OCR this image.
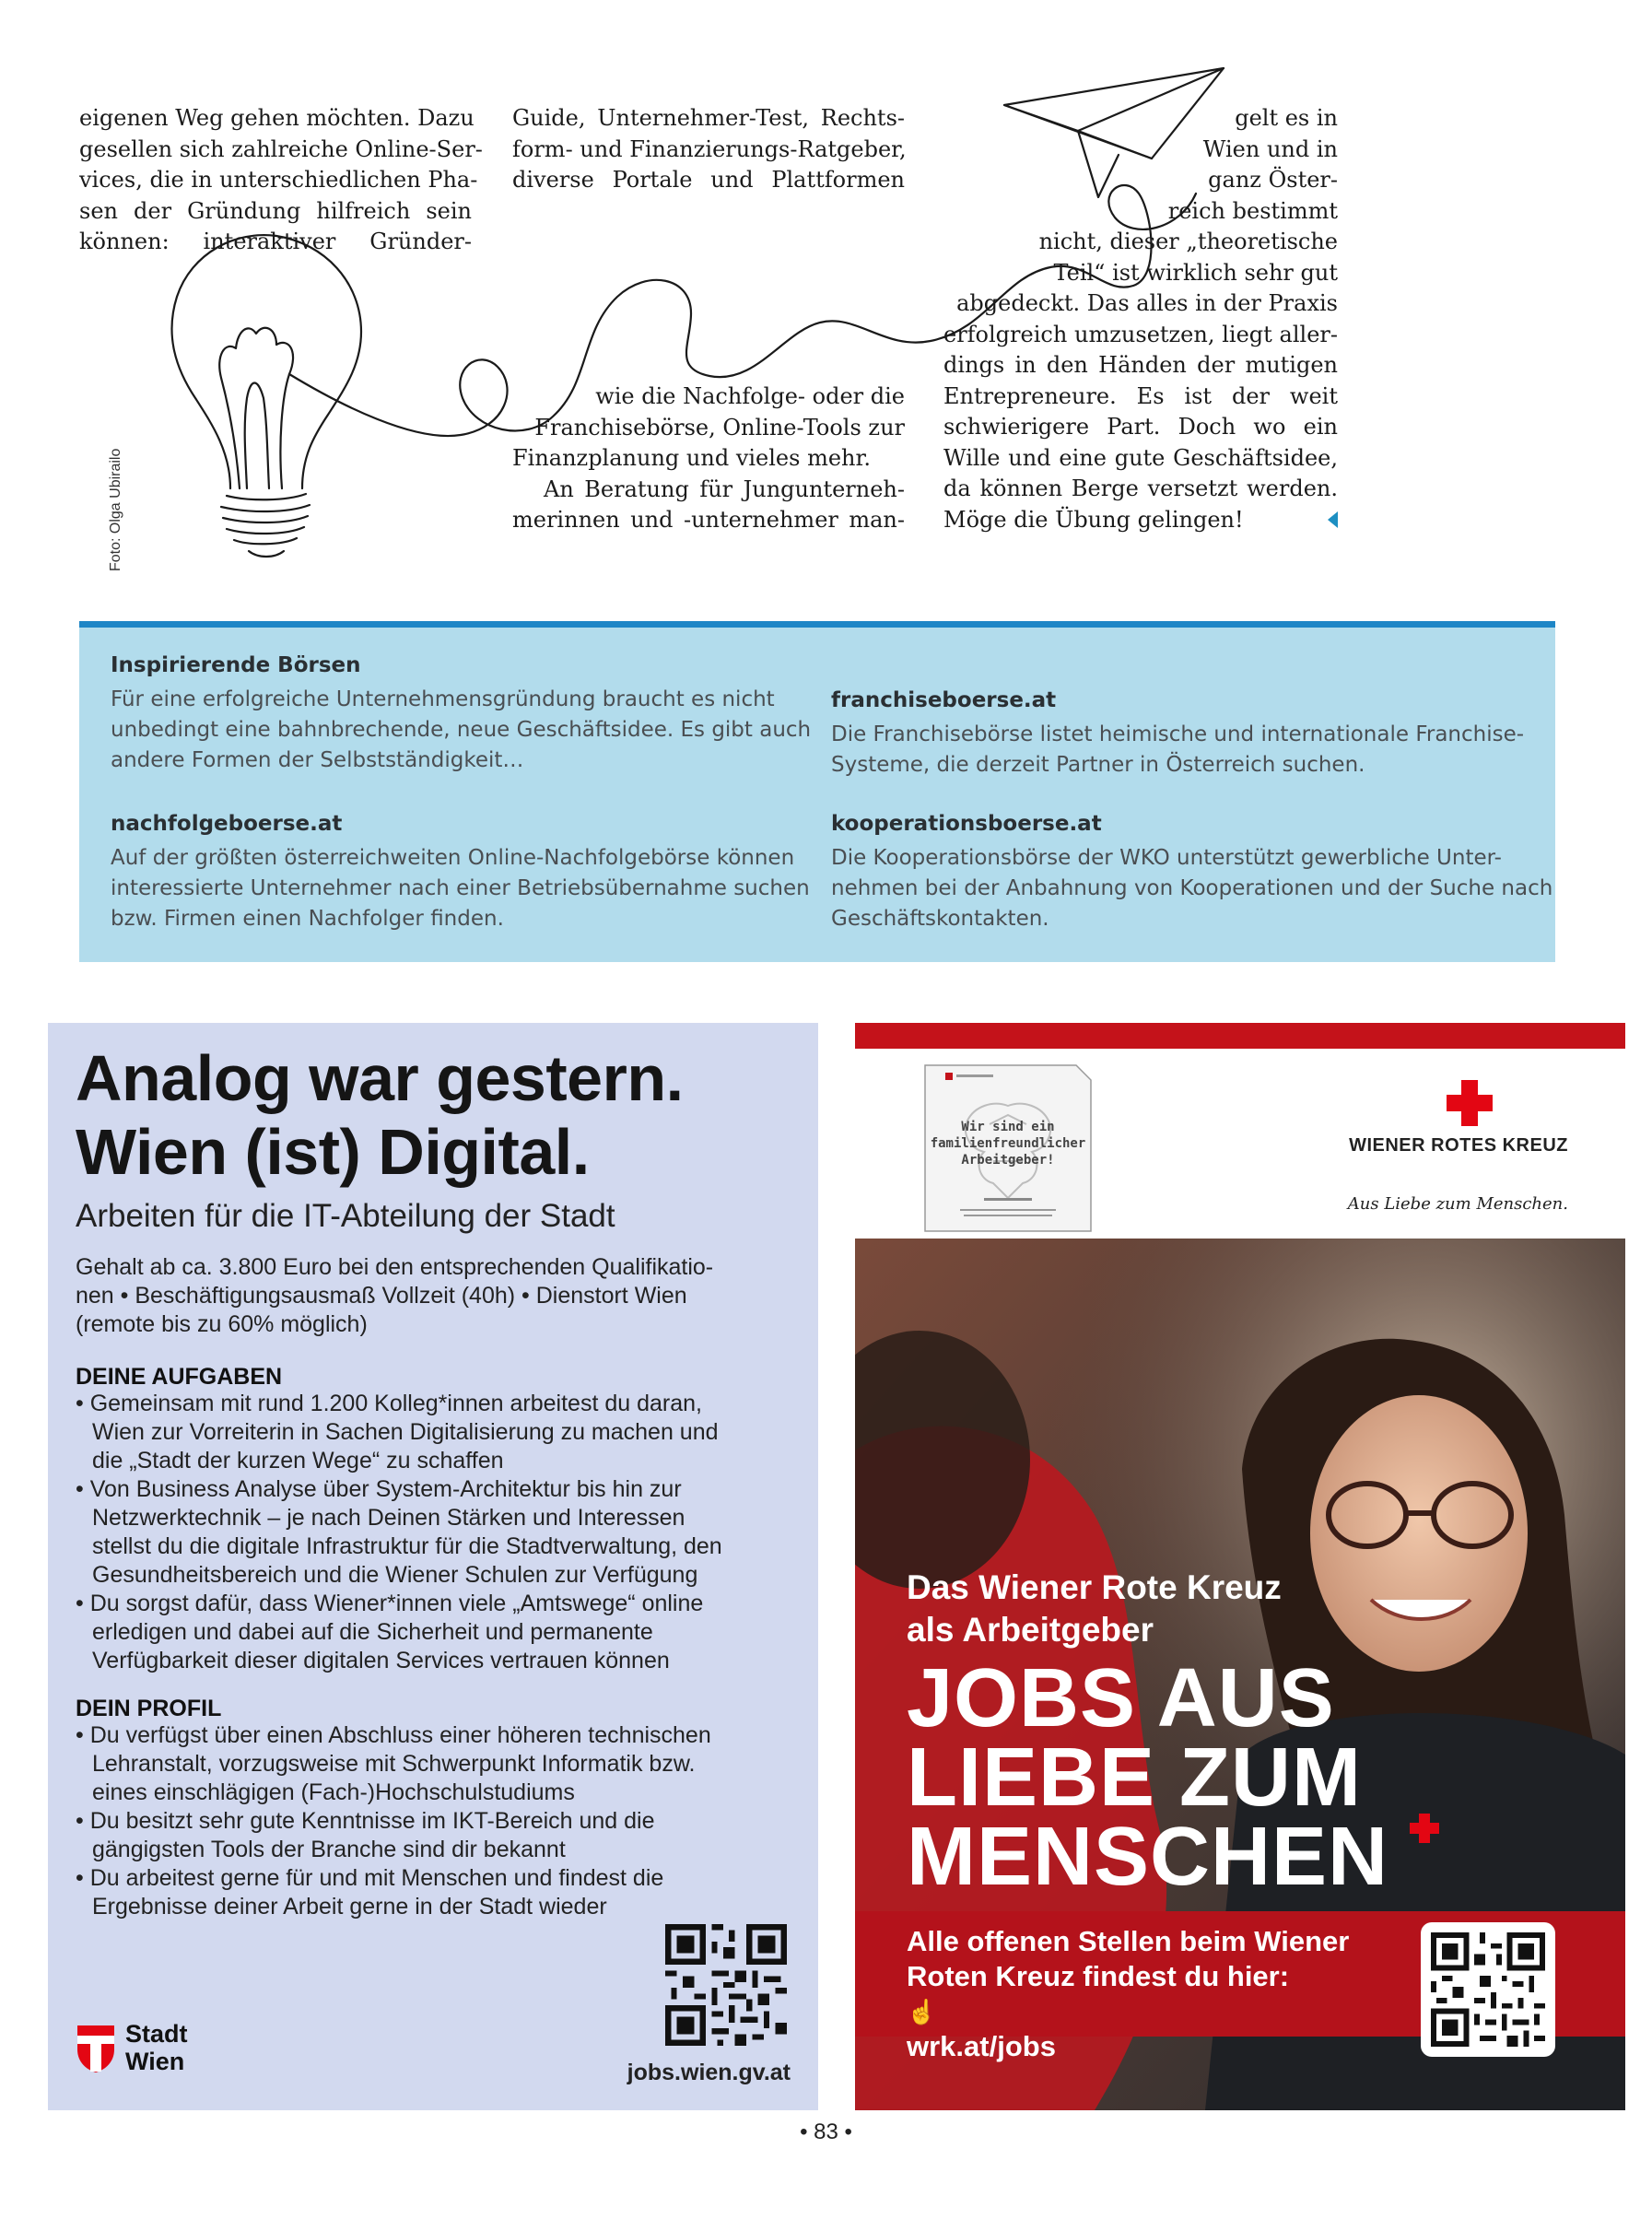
eigenen Weg gehen möchten. Dazu
gesellen sich zahlreiche Online-Ser-
vices, die in unterschiedlichen Pha-
sen der Gründung hilfreich sein
können: interaktiver Gründer-
Guide, Unternehmer-Test, Rechts-
form- und Finanzierungs-Ratgeber,
diverse Portale und Plattformen
wie die Nachfolge- oder die
Franchisebörse, Online-Tools zur
Finanzplanung und vieles mehr.
An Beratung für Jungunterneh-
merinnen und -unternehmer man-
gelt es in
Wien und in
ganz Öster-
reich bestimmt
nicht, dieser „theoretische
Teil“ ist wirklich sehr gut
abgedeckt. Das alles in der Praxis
erfolgreich umzusetzen, liegt aller-
dings in den Händen der mutigen
Entrepreneure. Es ist der weit
schwierigere Part. Doch wo ein
Wille und eine gute Geschäftsidee,
da können Berge versetzt werden.
Möge die Übung gelingen!
Foto: Olga Ubirailo
Inspirierende Börsen
Für eine erfolgreiche Unternehmensgründung braucht es nicht
unbedingt eine bahnbrechende, neue Geschäftsidee. Es gibt auch
andere Formen der Selbstständigkeit…
nachfolgeboerse.at
Auf der größten österreichweiten Online-Nachfolgebörse können
interessierte Unternehmer nach einer Betriebsübernahme suchen
bzw. Firmen einen Nachfolger finden.
franchiseboerse.at
Die Franchisebörse listet heimische und internationale Franchise-
Systeme, die derzeit Partner in Österreich suchen.
kooperationsboerse.at
Die Kooperationsbörse der WKO unterstützt gewerbliche Unter-
nehmen bei der Anbahnung von Kooperationen und der Suche nach
Geschäftskontakten.
Analog war gestern.
Wien (ist) Digital.
Arbeiten für die IT-Abteilung der Stadt
Gehalt ab ca. 3.800 Euro bei den entsprechenden Qualifikatio-
nen • Beschäftigungsausmaß Vollzeit (40h) • Dienstort Wien
(remote bis zu 60% möglich)
DEINE AUFGABEN
• Gemeinsam mit rund 1.200 Kolleg*innen arbeitest du daran,
Wien zur Vorreiterin in Sachen Digitalisierung zu machen und
die „Stadt der kurzen Wege“ zu schaffen
• Von Business Analyse über System-Architektur bis hin zur
Netzwerktechnik – je nach Deinen Stärken und Interessen
stellst du die digitale Infrastruktur für die Stadtverwaltung, den
Gesundheitsbereich und die Wiener Schulen zur Verfügung
• Du sorgst dafür, dass Wiener*innen viele „Amtswege“ online
erledigen und dabei auf die Sicherheit und permanente
Verfügbarkeit dieser digitalen Services vertrauen können
DEIN PROFIL
• Du verfügst über einen Abschluss einer höheren technischen
Lehranstalt, vorzugsweise mit Schwerpunkt Informatik bzw.
eines einschlägigen (Fach-)Hochschulstudiums
• Du besitzt sehr gute Kenntnisse im IKT-Bereich und die
gängigsten Tools der Branche sind dir bekannt
• Du arbeitest gerne für und mit Menschen und findest die
Ergebnisse deiner Arbeit gerne in der Stadt wieder
Stadt
Wien	jobs.wien.gv.at
Wir sind ein
familienfreundlicher
Arbeitgeber!
WIENER ROTES KREUZ
Aus Liebe zum Menschen.
Das Wiener Rote Kreuz
als Arbeitgeber
JOBS AUS
LIEBE ZUM
MENSCHEN
Alle offenen Stellen beim Wiener
Roten Kreuz findest du hier:
☝
wrk.at/jobs
• 83 •
